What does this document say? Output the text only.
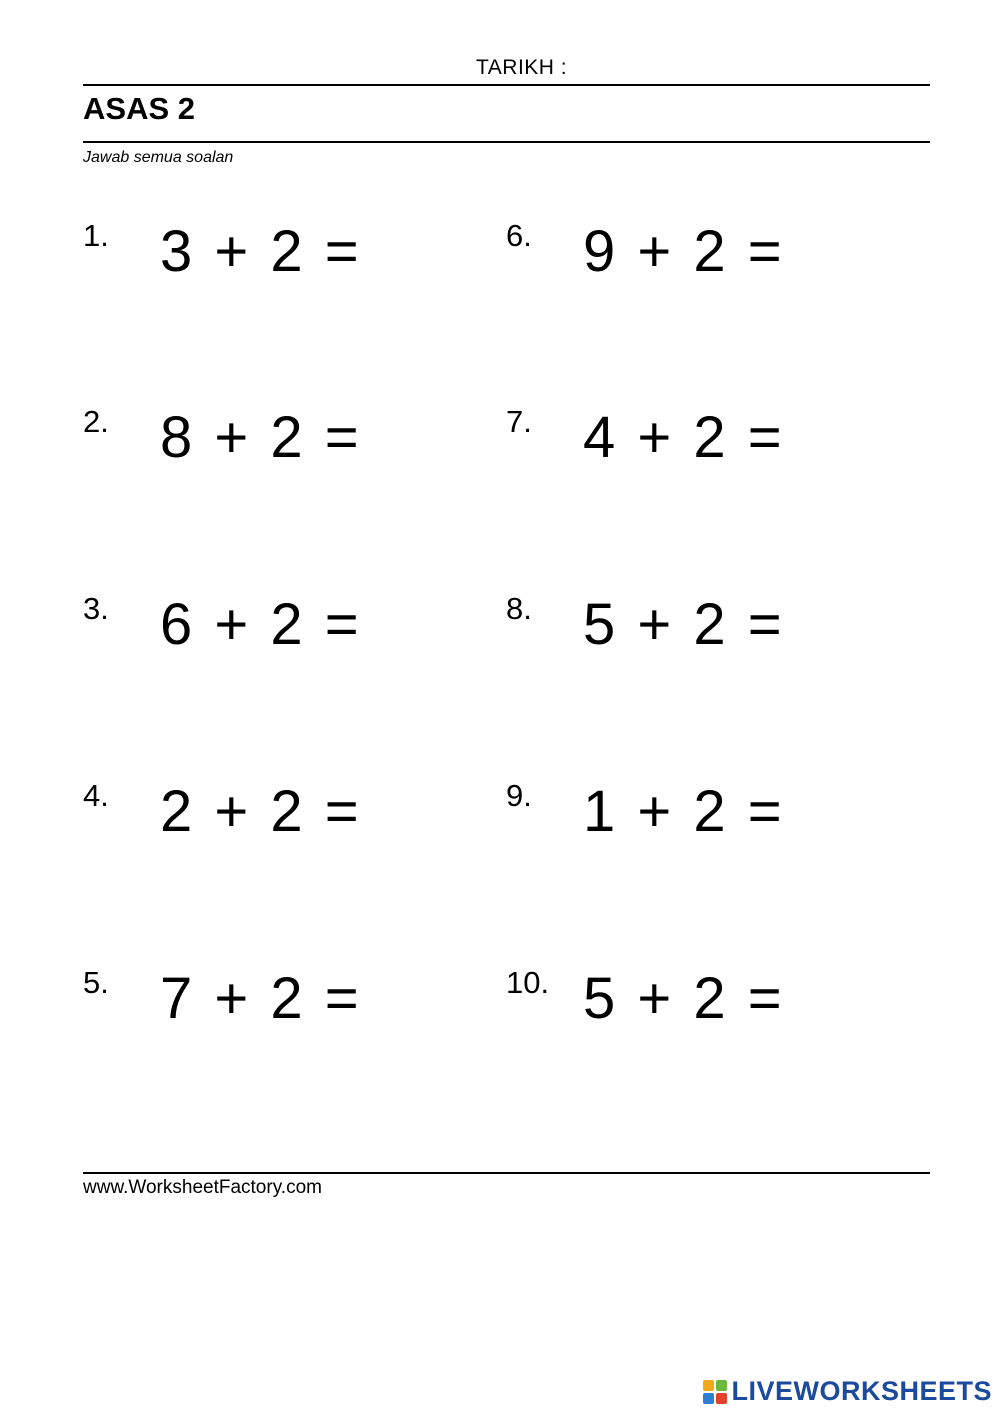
TARIKH :
ASAS 2
Jawab semua soalan
1. 3 + 2 =
2. 8 + 2 =
3. 6 + 2 =
4. 2 + 2 =
5. 7 + 2 =
6. 9 + 2 =
7. 4 + 2 =
8. 5 + 2 =
9. 1 + 2 =
10. 5 + 2 =
www.WorksheetFactory.com
LIVEWORKSHEETS
